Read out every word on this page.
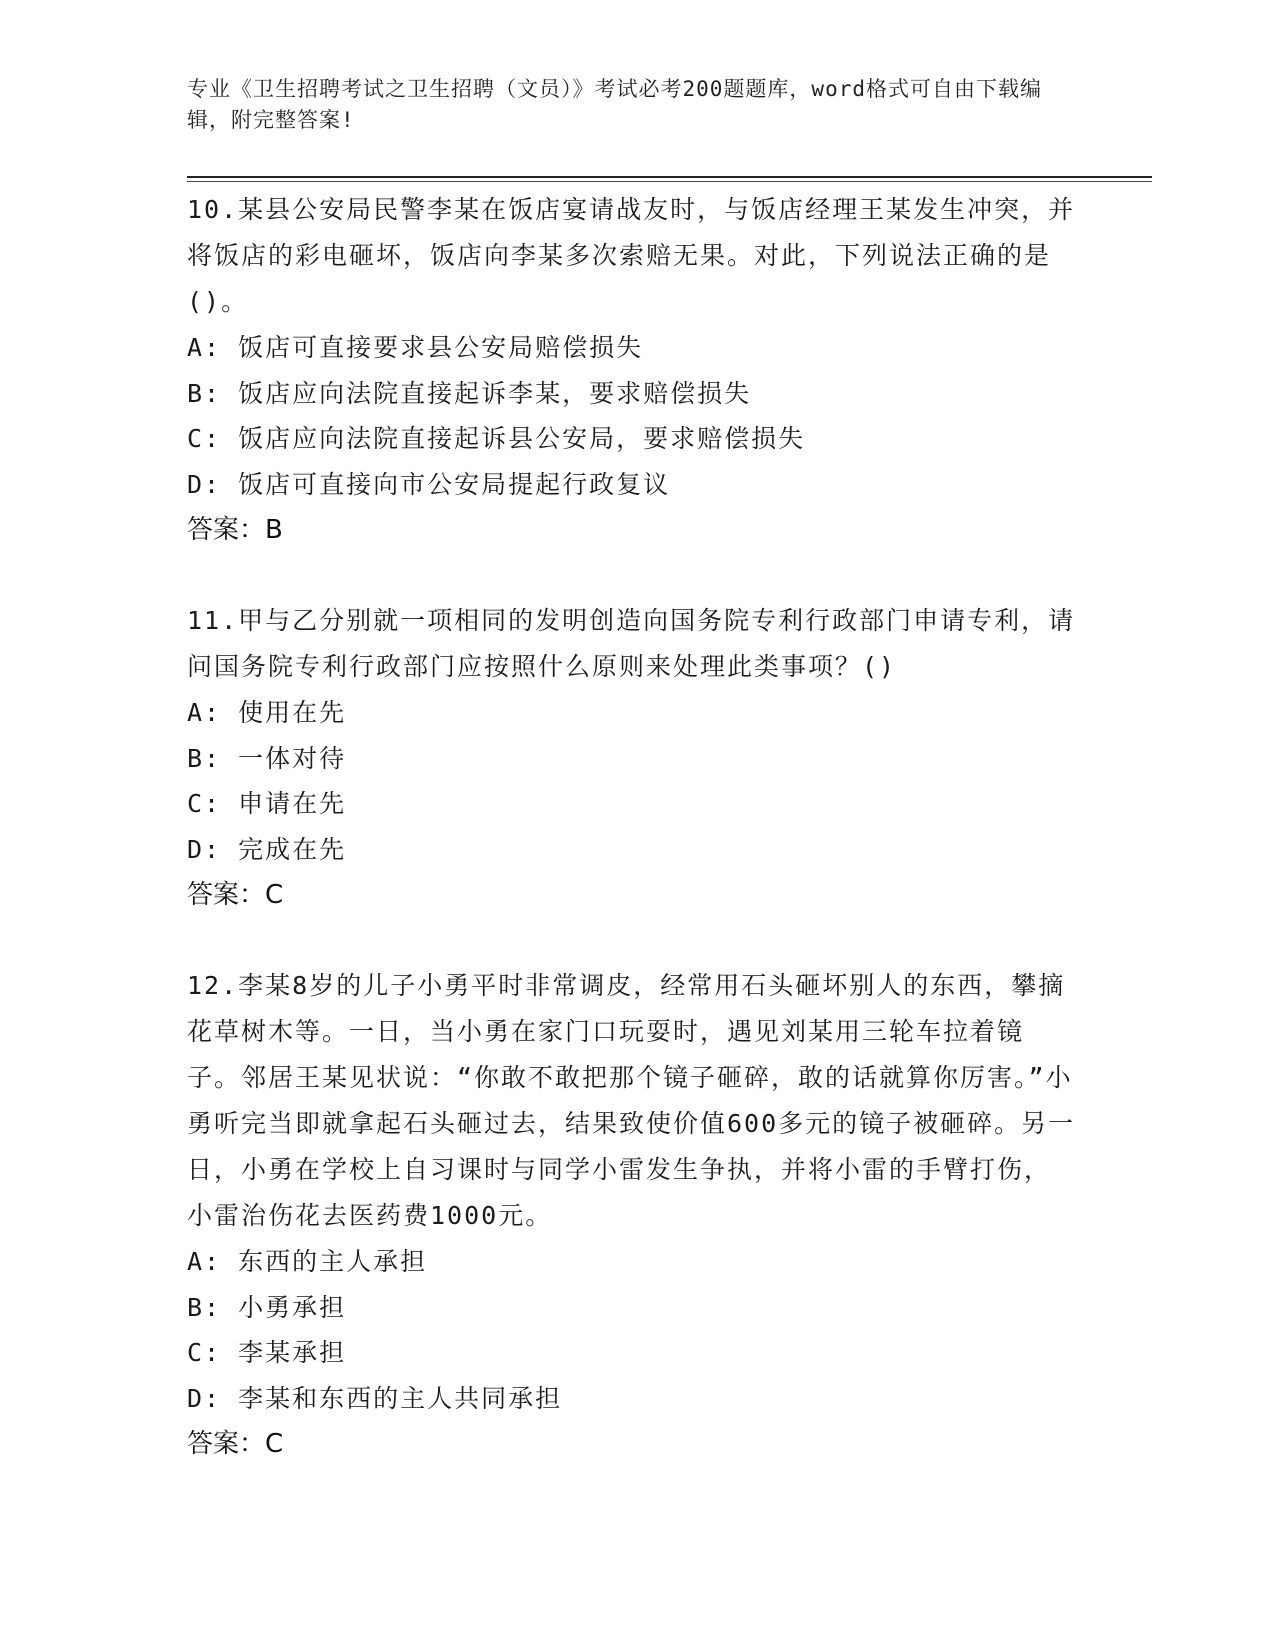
专业《卫生招聘考试之卫生招聘（文员）》考试必考200题题库，word格式可自由下载编辑，附完整答案!

10.某县公安局民警李某在饭店宴请战友时，与饭店经理王某发生冲突，并将饭店的彩电砸坏，饭店向李某多次索赔无果。对此，下列说法正确的是()。

A: 饭店可直接要求县公安局赔偿损失

B: 饭店应向法院直接起诉李某，要求赔偿损失

C: 饭店应向法院直接起诉县公安局，要求赔偿损失

D: 饭店可直接向市公安局提起行政复议

答案：B

11.甲与乙分别就一项相同的发明创造向国务院专利行政部门申请专利，请问国务院专利行政部门应按照什么原则来处理此类事项？()

A: 使用在先

B: 一体对待

C: 申请在先

D: 完成在先

答案：C

12.李某8岁的儿子小勇平时非常调皮，经常用石头砸坏别人的东西，攀摘花草树木等。一日，当小勇在家门口玩耍时，遇见刘某用三轮车拉着镜子。邻居王某见状说：“你敢不敢把那个镜子砸碎，敢的话就算你厉害。”小勇听完当即就拿起石头砸过去，结果致使价值600多元的镜子被砸碎。另一日，小勇在学校上自习课时与同学小雷发生争执，并将小雷的手臂打伤，小雷治伤花去医药费1000元。

A: 东西的主人承担

B: 小勇承担

C: 李某承担

D: 李某和东西的主人共同承担

答案：C
